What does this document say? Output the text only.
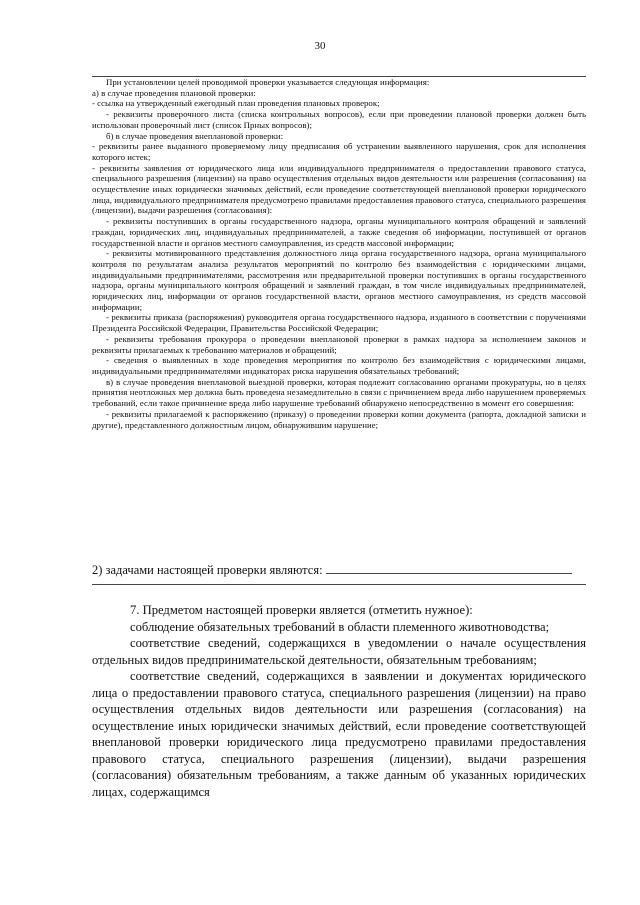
30

При установлении целей проводимой проверки указывается следующая информация:

а) в случае проведения плановой проверки:

- ссылка на утвержденный ежегодный план проведения плановых проверок;

- реквизиты проверочного листа (списка контрольных вопросов), если при проведении плановой проверки должен быть использован проверочный лист (список Прных вопросов);

б) в случае проведения внеплановой проверки:

- реквизиты ранее выданного проверяемому лицу предписания об устранении выявленного нарушения, срок для исполнения которого истек;

- реквизиты заявления от юридического лица или индивидуального предпринимателя о предоставлении правового статуса, специального разрешения (лицензии) на право осуществления отдельных видов деятельности или разрешения (согласования) на осуществление иных юридически значимых действий, если проведение соответствующей внеплановой проверки юридического лица, индивидуального предпринимателя предусмотрено правилами предоставления правового статуса, специального разрешения (лицензии), выдачи разрешения (согласования):

- реквизиты поступивших в органы государственного надзора, органы муниципального контроля обращений и заявлений граждан, юридических лиц, индивидуальных предпринимателей, а также сведения об информации, поступившей от органов государственной власти и органов местного самоуправления, из средств массовой информации;

- реквизиты мотивированного представления должностного лица органа государственного надзора, органа муниципального контроля по результатам анализа результатов мероприятий по контролю без взаимодействия с юридическими лицами, индивидуальными предпринимателями, рассмотрения или предварительной проверки поступивших в органы государственного надзора, органы муниципального контроля обращений и заявлений граждан, в том числе индивидуальных предпринимателей, юридических лиц, информации от органов государственной власти, органов местного самоуправления, из средств массовой информации;

- реквизиты приказа (распоряжения) руководителя органа государственного надзора, изданного в соответствии с поручениями Президента Российской Федерации, Правительства Российской Федерации;

- реквизиты требования прокурора о проведении внеплановой проверки в рамках надзора за исполнением законов и реквизиты прилагаемых к требованию материалов и обращений;

- сведения о выявленных в ходе проведения мероприятия по контролю без взаимодействия с юридическими лицами, индивидуальными предпринимателями индикаторах риска нарушения обязательных требований;

в) в случае проведения внеплановой выездной проверки, которая подлежит согласованию органами прокуратуры, но в целях принятия неотложных мер должна быть проведена незамедлительно в связи с причинением вреда либо нарушением проверяемых требований, если такое причинение вреда либо нарушение требований обнаружено непосредственно в момент его совершения:

- реквизиты прилагаемой к распоряжению (приказу) о проведении проверки копии документа (рапорта, докладной записки и другие), представленного должностным лицом, обнаружившим нарушение;

2) задачами настоящей проверки являются:

7. Предметом настоящей проверки является (отметить нужное):

соблюдение обязательных требований в области племенного животноводства;

соответствие сведений, содержащихся в уведомлении о начале осуществления отдельных видов предпринимательской деятельности, обязательным требованиям;

соответствие сведений, содержащихся в заявлении и документах юридического лица о предоставлении правового статуса, специального разрешения (лицензии) на право осуществления отдельных видов деятельности или разрешения (согласования) на осуществление иных юридически значимых действий, если проведение соответствующей внеплановой проверки юридического лица предусмотрено правилами предоставления правового статуса, специального разрешения (лицензии), выдачи разрешения (согласования) обязательным требованиям, а также данным об указанных юридических лицах, содержащимся
